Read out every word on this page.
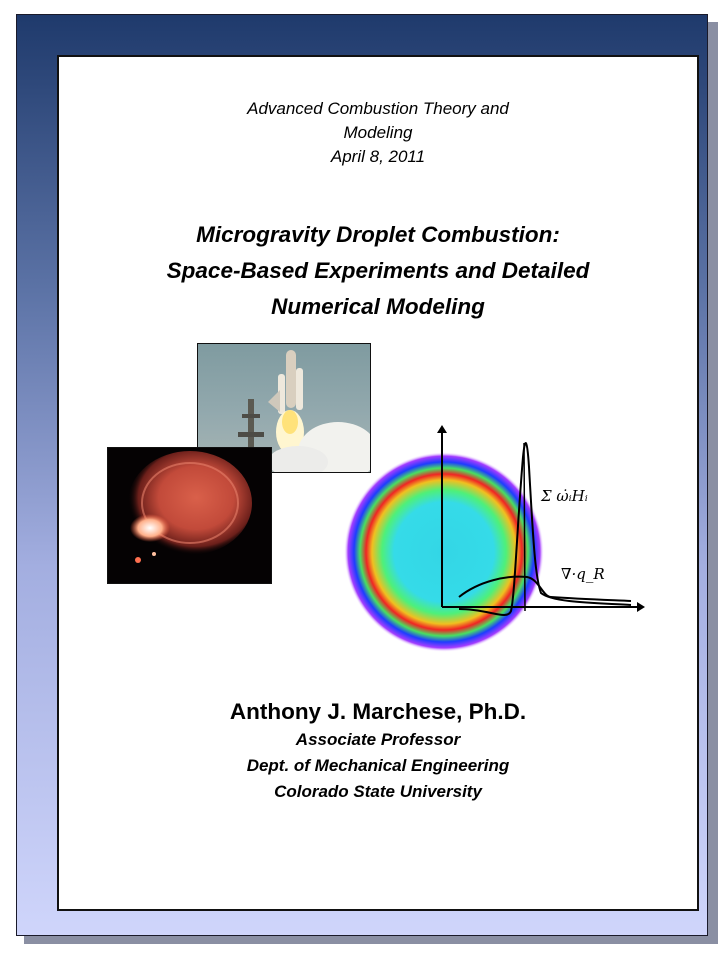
Advanced Combustion Theory and
Modeling
April 8, 2011
Microgravity Droplet Combustion:
Space-Based Experiments and Detailed
Numerical Modeling
Σ ω̇ᵢHᵢ
∇·q_R
Anthony J. Marchese, Ph.D.
Associate Professor
Dept. of Mechanical Engineering
Colorado State University
